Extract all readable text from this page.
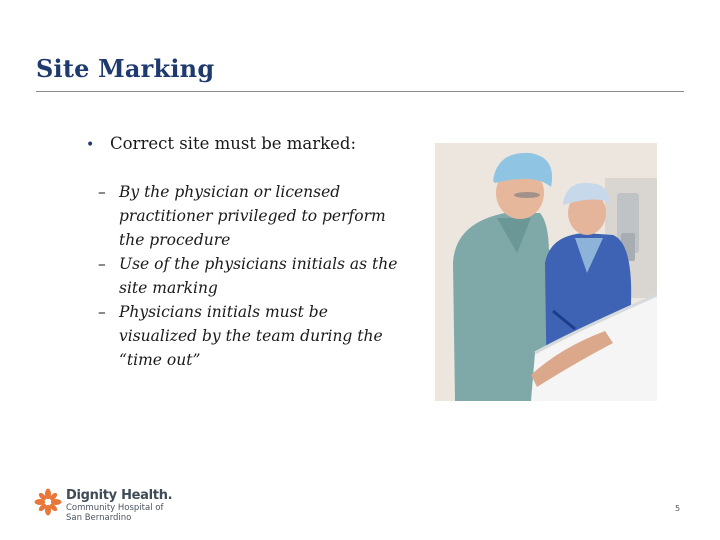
Site Marking
• Correct site must be marked:
– By the physician or licensed practitioner privileged to perform the procedure
– Use of the physicians initials as the site marking
– Physicians initials must be visualized by the team during the “time out”
Dignity Health.
Community Hospital of
San Bernardino
5
